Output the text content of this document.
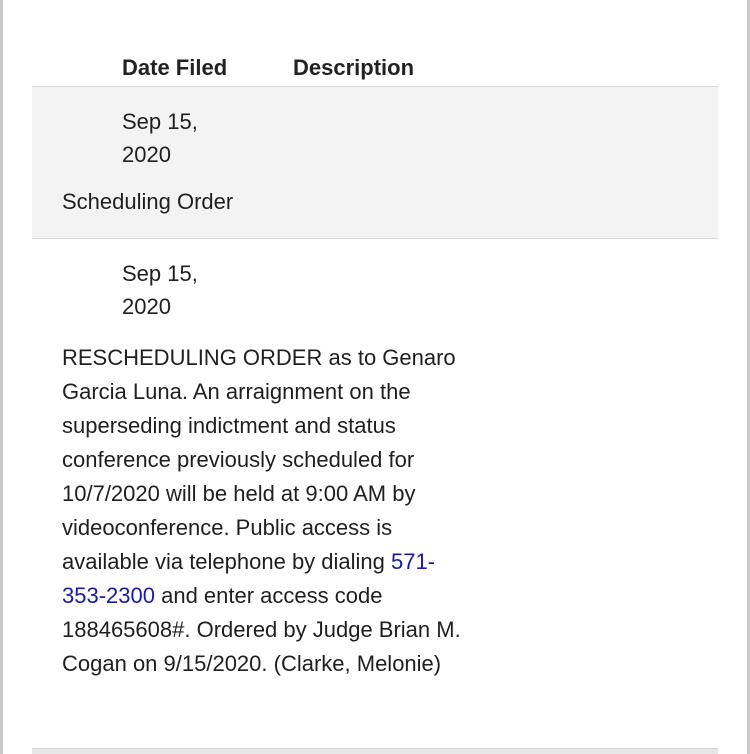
Date Filed	Description
Sep 15,
2020
Scheduling Order
Sep 15,
2020
RESCHEDULING ORDER as to Genaro Garcia Luna. An arraignment on the superseding indictment and status conference previously scheduled for 10/7/2020 will be held at 9:00 AM by videoconference. Public access is available via telephone by dialing 571-353-2300 and enter access code 188465608#. Ordered by Judge Brian M. Cogan on 9/15/2020. (Clarke, Melonie)
